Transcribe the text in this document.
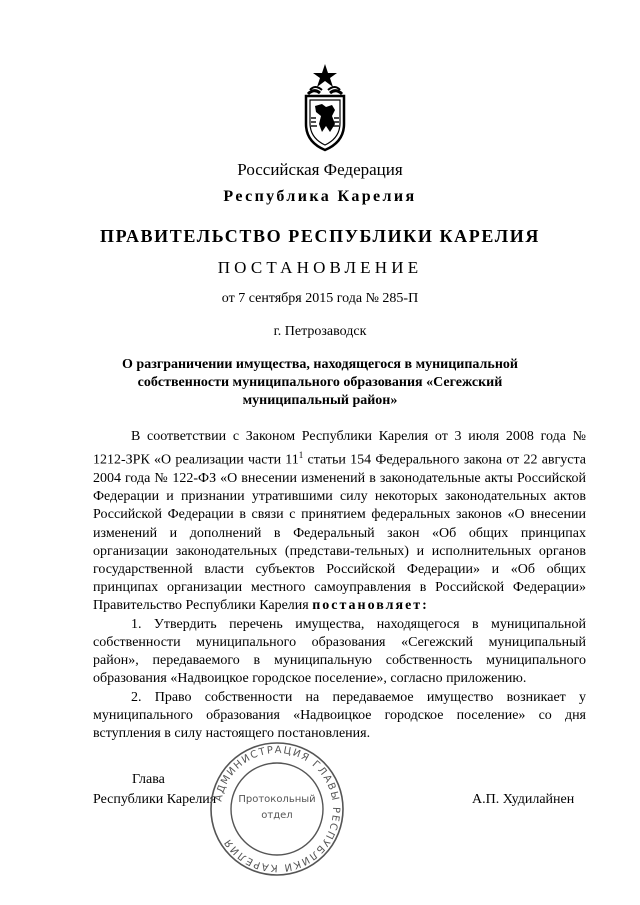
Российская Федерация
Республика Карелия
ПРАВИТЕЛЬСТВО РЕСПУБЛИКИ КАРЕЛИЯ
ПОСТАНОВЛЕНИЕ
от 7 сентября 2015 года № 285-П
г. Петрозаводск
О разграничении имущества, находящегося в муниципальной
собственности муниципального образования «Сегежский
муниципальный район»

В соответствии с Законом Республики Карелия от 3 июля 2008 года № 1212-ЗРК «О реализации части $11^1$ статьи 154 Федерального закона от 22 августа 2004 года № 122-ФЗ «О внесении изменений в законодательные акты Российской Федерации и признании утратившими силу некоторых законодательных актов Российской Федерации в связи с принятием федеральных законов «О внесении изменений и дополнений в Федеральный закон «Об общих принципах организации законодательных (представи-тельных) и исполнительных органов государственной власти субъектов Российской Федерации» и «Об общих принципах организации местного самоуправления в Российской Федерации» Правительство Республики Карелия постановляет:

1. Утвердить перечень имущества, находящегося в муниципальной собственности муниципального образования «Сегежский муниципальный район», передаваемого в муниципальную собственность муниципального образования «Надвоицкое городское поселение», согласно приложению.

2. Право собственности на передаваемое имущество возникает у муниципального образования «Надвоицкое городское поселение» со дня вступления в силу настоящего постановления.

Глава
Республики Карелия	А.П. Худилайнен
АДМИНИСТРАЦИЯ ГЛАВЫ РЕСПУБЛИКИ КАРЕЛИЯ
Протокольный
отдел
